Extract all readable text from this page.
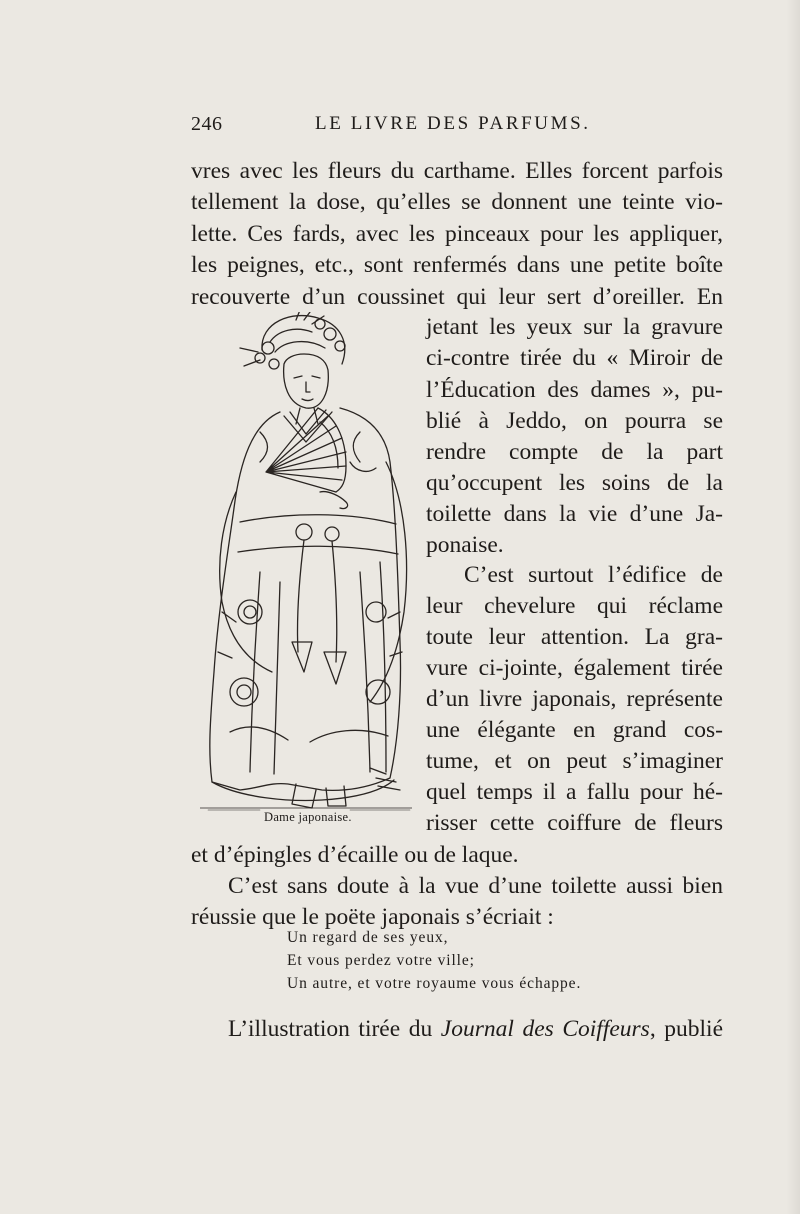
246	LE LIVRE DES PARFUMS.
vres avec les fleurs du carthame. Elles forcent parfois
tellement la dose, qu’elles se donnent une teinte vio-
lette. Ces fards, avec les pinceaux pour les appliquer,
les peignes, etc., sont renfermés dans une petite boîte
recouverte d’un coussinet qui leur sert d’oreiller. En
jetant les yeux sur la gravure
ci-contre tirée du « Miroir de
l’Éducation des dames », pu-
blié à Jeddo, on pourra se
rendre compte de la part
qu’occupent les soins de la
toilette dans la vie d’une Ja-
ponaise.
C’est surtout l’édifice de
leur chevelure qui réclame
toute leur attention. La gra-
vure ci-jointe, également tirée
d’un livre japonais, représente
une élégante en grand cos-
tume, et on peut s’imaginer
quel temps il a fallu pour hé-
risser cette coiffure de fleurs
et d’épingles d’écaille ou de laque.
C’est sans doute à la vue d’une toilette aussi bien
réussie que le poëte japonais s’écriait :
Un regard de ses yeux,
Et vous perdez votre ville;
Un autre, et votre royaume vous échappe.
L’illustration tirée du Journal des Coiffeurs, publié
Dame japonaise.
